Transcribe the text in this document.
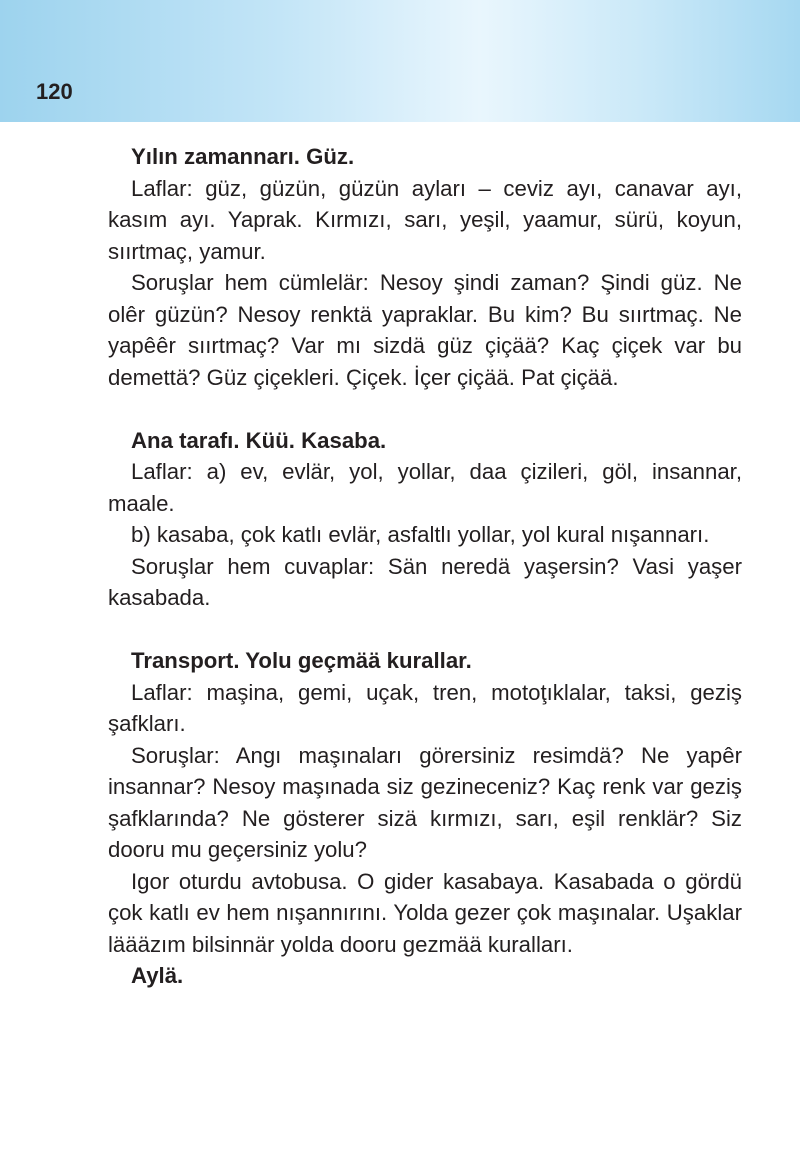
120

Yılın zamannarı. Güz.

Laflar: güz, güzün, güzün ayları – ceviz ayı, canavar ayı, kasım ayı. Yaprak. Kırmızı, sarı, yeşil, yaamur, sürü, koyun, sıırtmaç, yamur.

Soruşlar hem cümlelär: Nesoy şindi zaman? Şindi güz. Ne olêr güzün? Nesoy renktä yapraklar. Bu kim? Bu sıırtmaç. Ne yapêêr sıırtmaç? Var mı sizdä güz çiçää? Kaç çiçek var bu demettä? Güz çiçekleri. Çiçek. İçer çiçää. Pat çiçää.

Ana tarafı. Küü. Kasaba.

Laflar: a) ev, evlär, yol, yollar, daa çizileri, göl, insannar, maale.

b) kasaba, çok katlı evlär, asfaltlı yollar, yol kural nışannarı.

Soruşlar hem cuvaplar: Sän neredä yaşersin? Vasi yaşer kasabada.

Transport. Yolu geçmää kurallar.

Laflar: maşina, gemi, uçak, tren, motoţıklalar, taksi, geziş şafkları.

Soruşlar: Angı maşınaları görersiniz resimdä? Ne yapêr insannar? Nesoy maşınada siz gezineceniz? Kaç renk var geziş şafklarında? Ne gösterer sizä kırmızı, sarı, eşil renklär? Siz dooru mu geçersiniz yolu?

Igor oturdu avtobusa. O gider kasabaya. Kasabada o gördü çok katlı ev hem nışannırını. Yolda gezer çok maşınalar. Uşaklar läääzım bilsinnär yolda dooru gezmää kuralları.

Aylä.
